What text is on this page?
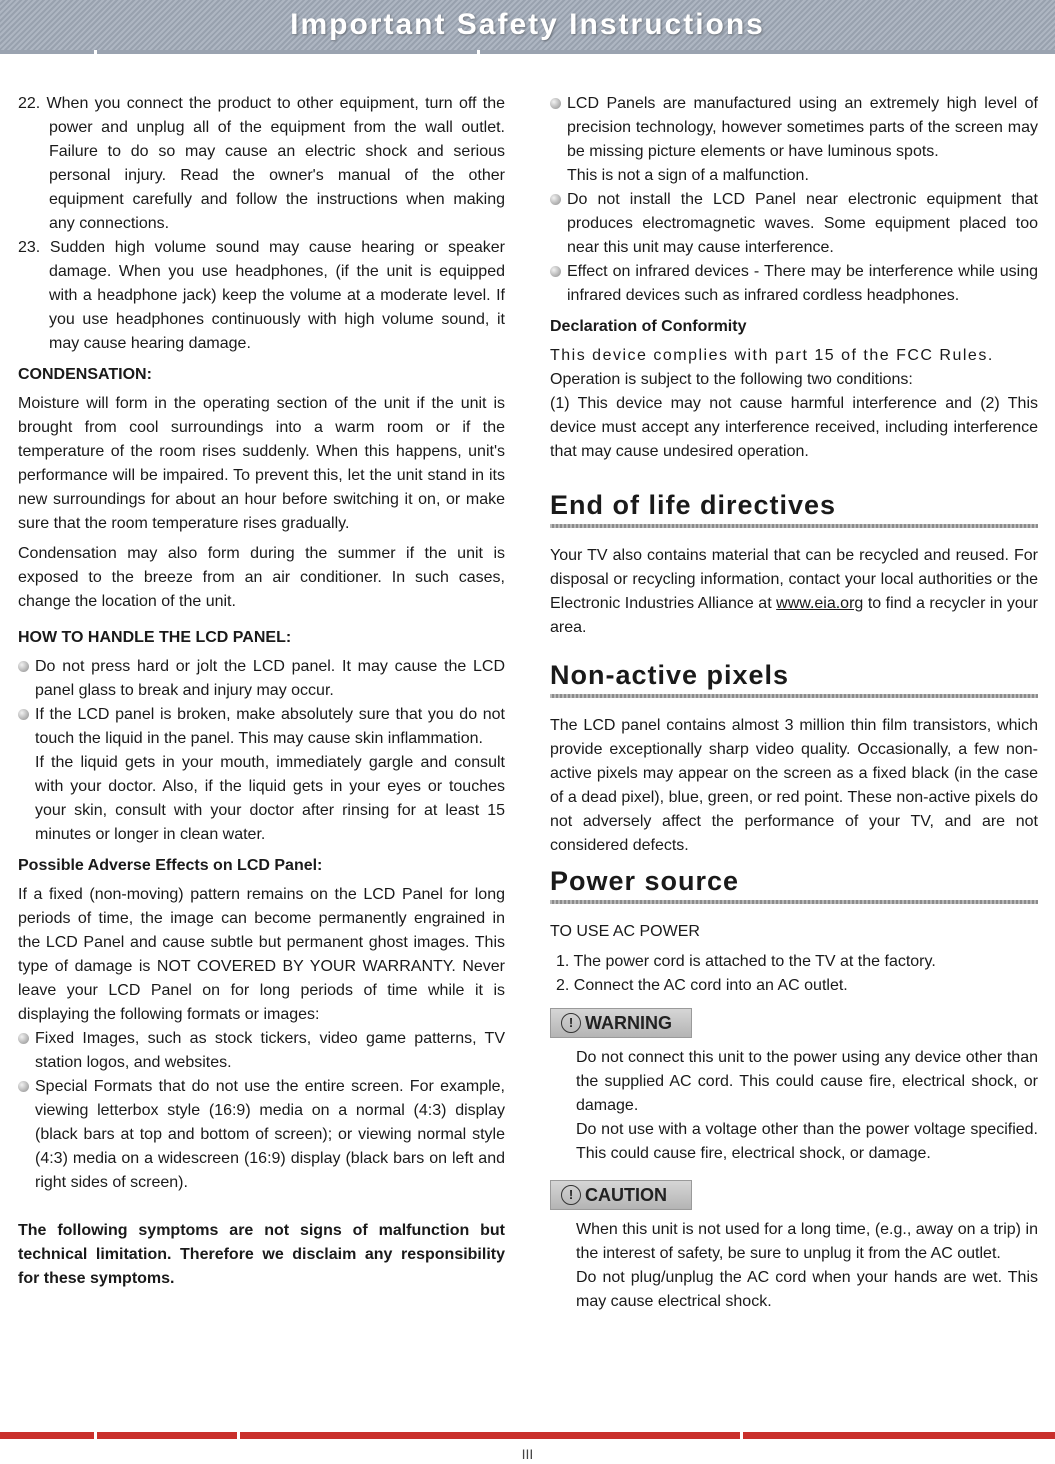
Important Safety Instructions

22. When you connect the product to other equipment, turn off the power and unplug all of the equipment from the wall outlet. Failure to do so may cause an electric shock and serious personal injury. Read the owner's manual of the other equipment carefully and follow the instructions when making any connections.

23. Sudden high volume sound may cause hearing or speaker damage. When you use headphones, (if the unit is equipped with a headphone jack) keep the volume at a moderate level. If you use headphones continuously with high volume sound, it may cause hearing damage.

CONDENSATION:

Moisture will form in the operating section of the unit if the unit is brought from cool surroundings into a warm room or if the temperature of the room rises suddenly. When this happens, unit's performance will be impaired. To prevent this, let the unit stand in its new surroundings for about an hour before switching it on, or make sure that the room temperature rises gradually.

Condensation may also form during the summer if the unit is exposed to the breeze from an air conditioner. In such cases, change the location of the unit.

HOW TO HANDLE THE LCD PANEL:

Do not press hard or jolt the LCD panel. It may cause the LCD panel glass to break and injury may occur.
If the LCD panel is broken, make absolutely sure that you do not touch the liquid in the panel. This may cause skin inflammation.
If the liquid gets in your mouth, immediately gargle and consult with your doctor. Also, if the liquid gets in your eyes or touches your skin, consult with your doctor after rinsing for at least 15 minutes or longer in clean water.

Possible Adverse Effects on LCD Panel:

If a fixed (non-moving) pattern remains on the LCD Panel for long periods of time, the image can become permanently engrained in the LCD Panel and cause subtle but permanent ghost images. This type of damage is NOT COVERED BY YOUR WARRANTY. Never leave your LCD Panel on for long periods of time while it is displaying the following formats or images:

Fixed Images, such as stock tickers, video game patterns, TV station logos, and websites.
Special Formats that do not use the entire screen. For example, viewing letterbox style (16:9) media on a normal (4:3) display (black bars at top and bottom of screen); or viewing normal style (4:3) media on a widescreen (16:9) display (black bars on left and right sides of screen).

The following symptoms are not signs of malfunction but technical limitation. Therefore we disclaim any responsibility for these symptoms.

LCD Panels are manufactured using an extremely high level of precision technology, however sometimes parts of the screen may be missing picture elements or have luminous spots.
This is not a sign of a malfunction.
Do not install the LCD Panel near electronic equipment that produces electromagnetic waves. Some equipment placed too near this unit may cause interference.
Effect on infrared devices - There may be interference while using infrared devices such as infrared cordless headphones.

Declaration of Conformity

This device complies with part 15 of the FCC Rules.

Operation is subject to the following two conditions:

(1) This device may not cause harmful interference and (2) This device must accept any interference received, including interference that may cause undesired operation.

End of life directives

Your TV also contains material that can be recycled and reused. For disposal or recycling information, contact your local authorities or the Electronic Industries Alliance at www.eia.org to find a recycler in your area.

Non-active pixels

The LCD panel contains almost 3 million thin film transistors, which provide exceptionally sharp video quality. Occasionally, a few non-active pixels may appear on the screen as a fixed black (in the case of a dead pixel), blue, green, or red point. These non-active pixels do not adversely affect the performance of your TV, and are not considered defects.

Power source

TO USE AC POWER

1. The power cord is attached to the TV at the factory.

2. Connect the AC cord into an AC outlet.

! WARNING

Do not connect this unit to the power using any device other than the supplied AC cord. This could cause fire, electrical shock, or damage.

Do not use with a voltage other than the power voltage specified. This could cause fire, electrical shock, or damage.

! CAUTION

When this unit is not used for a long time, (e.g., away on a trip) in the interest of safety, be sure to unplug it from the AC outlet.

Do not plug/unplug the AC cord when your hands are wet. This may cause electrical shock.

III
